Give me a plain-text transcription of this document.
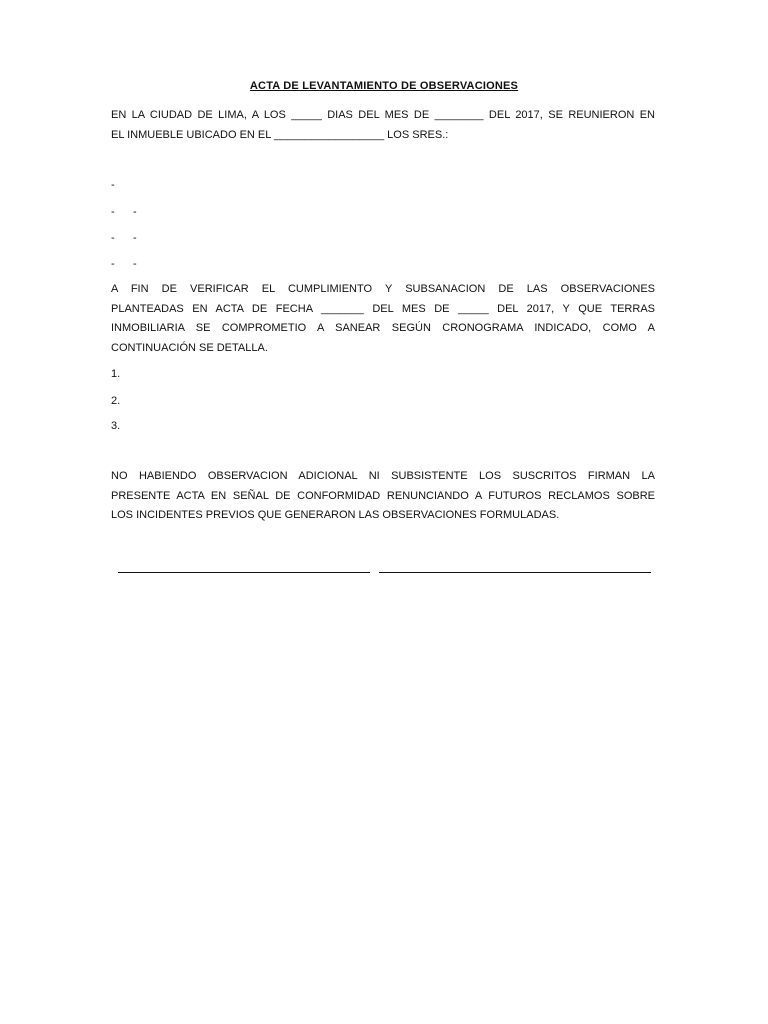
ACTA DE LEVANTAMIENTO DE OBSERVACIONES
EN LA CIUDAD DE LIMA, A LOS _____ DIAS DEL MES DE ________ DEL 2017, SE REUNIERON EN
EL INMUEBLE UBICADO EN EL __________________ LOS SRES.:
-
- -
- -
- -
A FIN DE VERIFICAR EL CUMPLIMIENTO Y SUBSANACION DE LAS OBSERVACIONES
PLANTEADAS EN ACTA DE FECHA _______ DEL MES DE _____ DEL 2017, Y QUE TERRAS
INMOBILIARIA SE COMPROMETIO A SANEAR SEGÚN CRONOGRAMA INDICADO, COMO A
CONTINUACIÓN SE DETALLA.
1.
2.
3.
NO HABIENDO OBSERVACION ADICIONAL NI SUBSISTENTE LOS SUSCRITOS FIRMAN LA
PRESENTE ACTA EN SEÑAL DE CONFORMIDAD RENUNCIANDO A FUTUROS RECLAMOS SOBRE
LOS INCIDENTES PREVIOS QUE GENERARON LAS OBSERVACIONES FORMULADAS.
